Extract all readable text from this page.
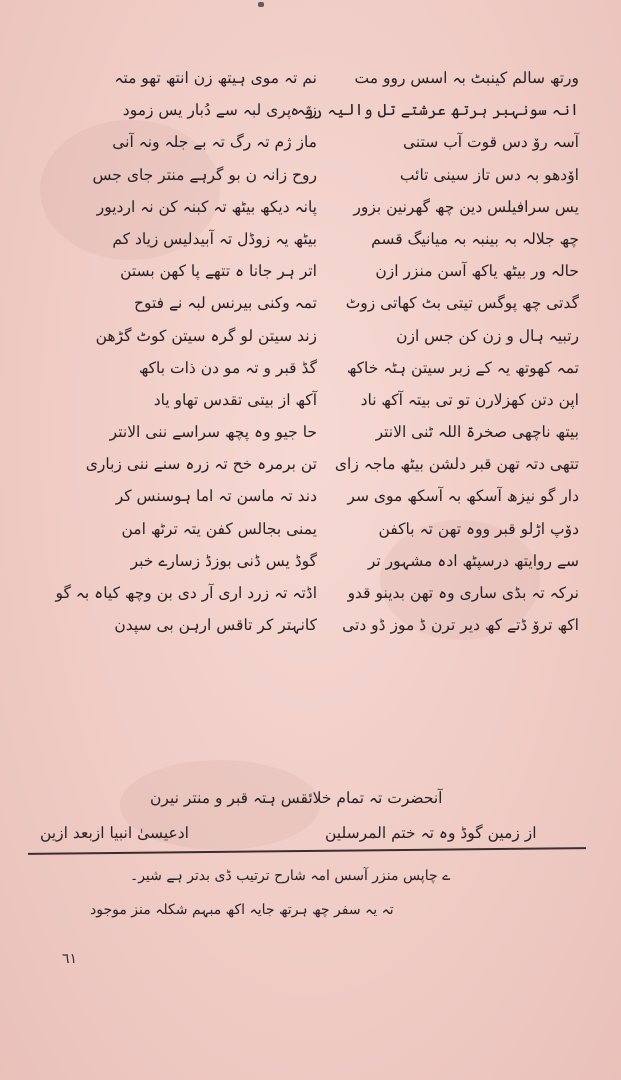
ورتھ سالم کینبٹ بہ اسس روو مت
انہ سونہبر ہرتھ عرشتے تل والیہ رۆ ہ
آسہ رۆ دس قوت آب ستنی
اۆدھو بہ دس تاز سینی تائب
یس سرافیلس دین چھ گھرنین بزور
چھ جلالہ بہ بینبہ بہ میانیگ قسم
حالہ ور بیٹھ یاکھ آسن منزر ازن
گدتی چھ پوگس تیتی بٹ کھاتی زوٹ
رتبیہ ہال و زن کن جس ازن
تمہ کھوتھ یہ کے زبر سیتن ہٹہ خاکھ
اپن دتن کھزلارن تو تی بیتہ آکھ ناد
بیتھ ناچھی صخرۃ اللہ ٹنی الانتر
تتھی دتہ تھن قبر دلشن بیٹھ ماجہ زای
دار گو نیزھ آسکھ بہ آسکھ موی سر
دۆپ اڑلو قبر ووہ تھن تہ باکفن
سے روایتھ درسپٹھ ادہ مشہور تر
نرکہ تہ بڈی ساری وہ تھن بدینو قدو
اکھ ترۆ ڈتے کھ دیر ترن ڈ موز ڈو دتی
نم تہ موی ہیتھ زن انتھ تھو متہ
زنہ پری لبہ سے دُبار یس زمود
ماز ژم تہ رگ تہ بے جلہ ونہ آنی
روح زانہ ن بو گرہے منتر جای جس
پانہ دیکھ بیٹھ تہ کبنہ کن نہ اردیور
بیٹھ یہ زوڈل تہ آبیدلیس زیاد کم
اتر ہر جانا ہ تتھے پا کھن بستن
تمہ وکنی بیرنس لبہ نے فتوح
زند سیتن لو گرہ سیتن کوٹ گڑھن
گڈ قبر و تہ مو دن ذات باکھ
آکھ از بیتی تقدس تھاو یاد
حا جیو وہ پچھ سراسے ننی الانتر
تن برمرہ خح تہ زرہ سنے ننی زباری
دند تہ ماسن تہ اما ہوسنس کر
یمنی بجالس کفن یتہ ترٹھ امن
گوڈ یس ڈنی بوزڈ زسارے خبر
اڈتہ تہ زرد اری آر دی بن وچھ کیاہ بہ گو
کانہتر کر تاقس ارہن بی سپدن
آنحضرت تہ تمام خلائقس ہتہ قبر و منتر نیرن
از زمین گوڈ وہ تہ ختم المرسلین
ادعیسیٰ انبیا ازبعد ازین
ے چاپس منزر آسس امہ شارح ترتیب ڈی بدتر ہے شیر۔
تہ یہ سفر چھ ہرتھ جایہ اکھ مبہم شکلہ منز موجود
٦١
